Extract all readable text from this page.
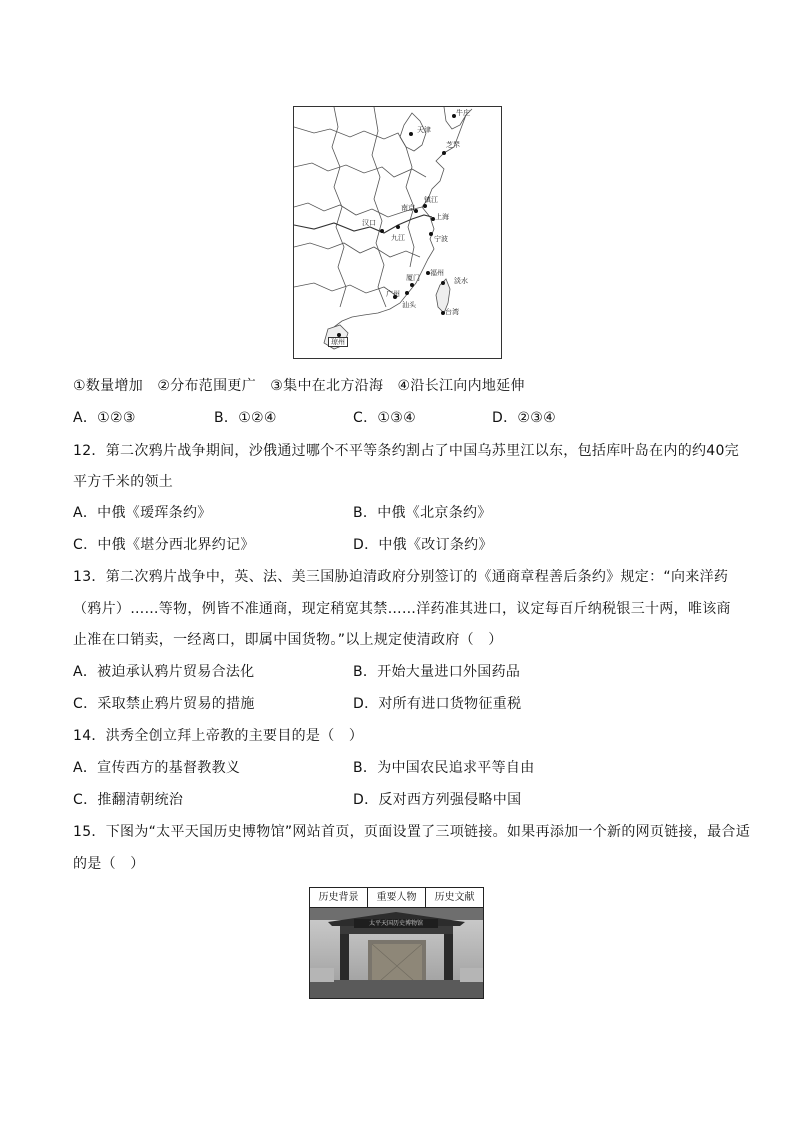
牛庄
天津
芝罘
汉口
南京
镇江
九江
上海
宁波
厦门
福州
淡水
广州
汕头
台湾
琼州
①数量增加　②分布范围更广　③集中在北方沿海　④沿长江向内地延伸
A．①②③	B．①②④	C．①③④	D．②③④
12．第二次鸦片战争期间，沙俄通过哪个不平等条约割占了中国乌苏里江以东，包括库叶岛在内的约40完
平方千米的领土
A．中俄《瑷珲条约》	B．中俄《北京条约》
C．中俄《堪分西北界约记》	D．中俄《改订条约》
13．第二次鸦片战争中，英、法、美三国胁迫清政府分别签订的《通商章程善后条约》规定：“向来洋药
（鸦片）……等物，例皆不准通商，现定稍宽其禁……洋药准其进口，议定每百斤纳税银三十两，唯该商
止准在口销卖，一经离口，即属中国货物。”以上规定使清政府（　）
A．被迫承认鸦片贸易合法化	B．开始大量进口外国药品
C．采取禁止鸦片贸易的措施	D．对所有进口货物征重税
14．洪秀全创立拜上帝教的主要目的是（　）
A．宣传西方的基督教教义	B．为中国农民追求平等自由
C．推翻清朝统治	D．反对西方列强侵略中国
15．下图为“太平天国历史博物馆”网站首页，页面设置了三项链接。如果再添加一个新的网页链接，最合适
的是（　）
历史背景	重要人物	历史文献
太平天国历史博物馆
